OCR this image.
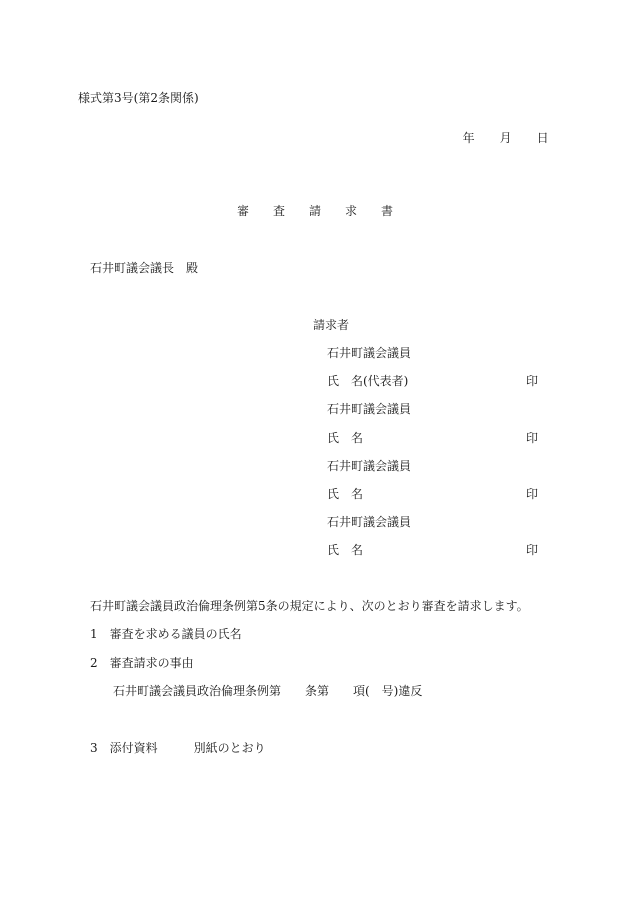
様式第3号(第2条関係)

年 月 日

審　　査　　請　　求　　書
石井町議会議長　殿
請求者
石井町議会議員
氏　名(代表者)	印
石井町議会議員
氏　名	印
石井町議会議員
氏　名	印
石井町議会議員
氏　名	印
石井町議会議員政治倫理条例第5条の規定により、次のとおり審査を請求します。
1　審査を求める議員の氏名
2　審査請求の事由
石井町議会議員政治倫理条例第　　条第　　項(　号)違反
3　添付資料　　　別紙のとおり
